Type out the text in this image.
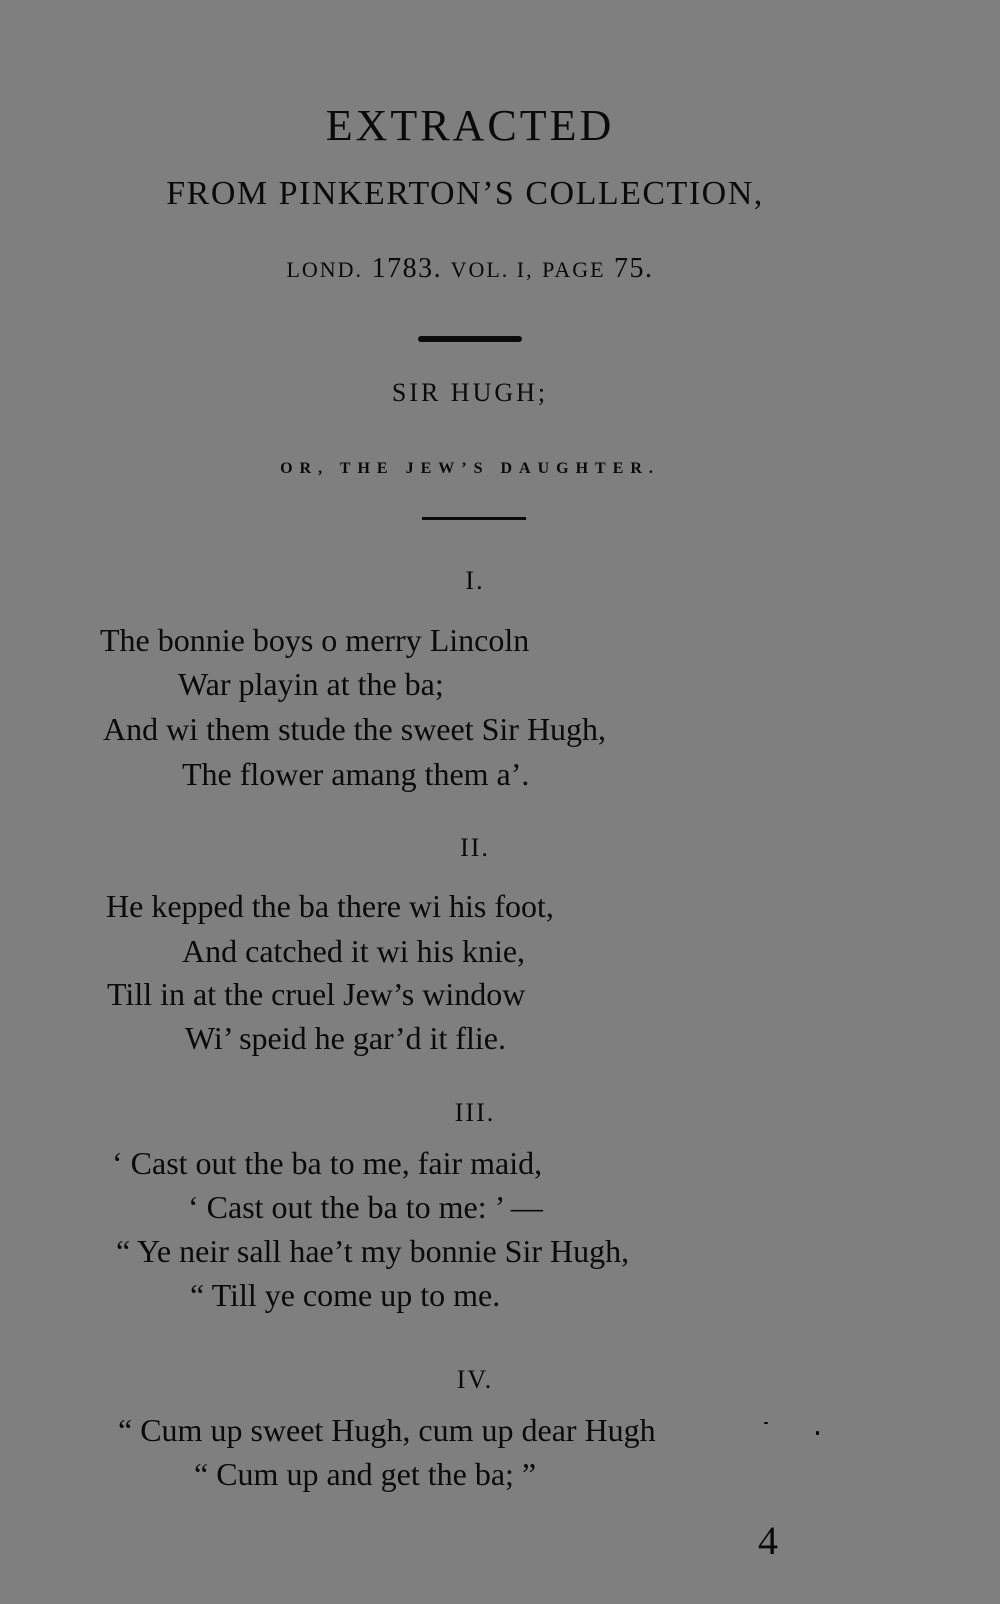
EXTRACTED
FROM PINKERTON’S COLLECTION,
LOND. 1783. VOL. I, PAGE 75.
SIR HUGH;
OR, THE JEW’S DAUGHTER.
I.
The bonnie boys o merry Lincoln
War playin at the ba;
And wi them stude the sweet Sir Hugh,
The flower amang them a’.
II.
He kepped the ba there wi his foot,
And catched it wi his knie,
Till in at the cruel Jew’s window
Wi’ speid he gar’d it flie.
III.
‘ Cast out the ba to me, fair maid,
‘ Cast out the ba to me: ’ —
“ Ye neir sall hae’t my bonnie Sir Hugh,
“ Till ye come up to me.
IV.
“ Cum up sweet Hugh, cum up dear Hugh
“ Cum up and get the ba; ”
4
